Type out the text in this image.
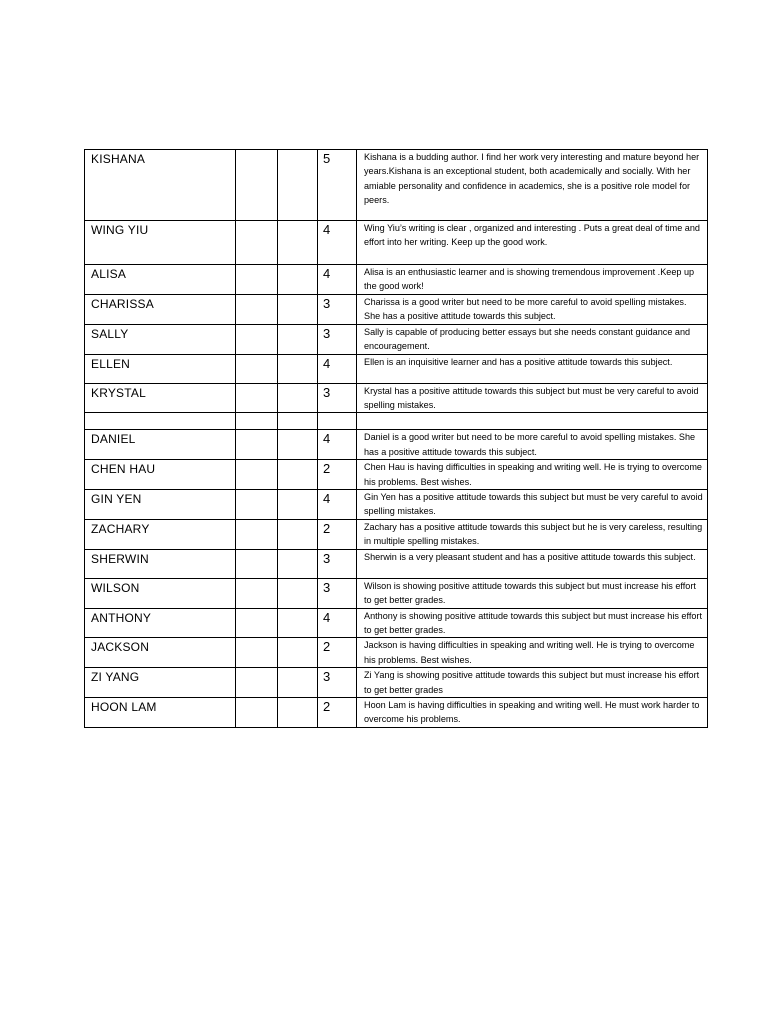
KISHANA			5	Kishana is a budding author. I find her work very interesting and mature beyond her years.Kishana is an exceptional student, both academically and socially. With her amiable personality and confidence in academics, she is a positive role model for peers.
WING YIU			4	Wing Yiu’s writing is clear , organized and interesting . Puts a great deal of time and effort into her writing. Keep up the good work.
ALISA			4	Alisa is an enthusiastic learner and is showing tremendous improvement .Keep up the good work!
CHARISSA			3	Charissa is a good writer but need to be more careful to avoid spelling mistakes. She has a positive attitude towards this subject.
SALLY			3	Sally is capable of producing better essays but she needs constant guidance and encouragement.
ELLEN			4	Ellen is an inquisitive learner and has a positive attitude towards this subject.
KRYSTAL			3	Krystal has a positive attitude towards this subject but must be very careful to avoid spelling mistakes.

DANIEL			4	Daniel is a good writer but need to be more careful to avoid spelling mistakes. She has a positive attitude towards this subject.
CHEN HAU			2	Chen Hau is having difficulties in speaking and writing well. He is trying to overcome his problems. Best wishes.
GIN YEN			4	Gin Yen has a positive attitude towards this subject but must be very careful to avoid spelling mistakes.
ZACHARY			2	Zachary has a positive attitude towards this subject but he is very careless, resulting in multiple spelling mistakes.
SHERWIN			3	Sherwin is a very pleasant student and has a positive attitude towards this subject.
WILSON			3	Wilson is showing positive attitude towards this subject but must increase his effort to get better grades.
ANTHONY			4	Anthony is showing positive attitude towards this subject but must increase his effort to get better grades.
JACKSON			2	Jackson is having difficulties in speaking and writing well. He is trying to overcome his problems. Best wishes.
ZI YANG			3	Zi Yang is showing positive attitude towards this subject but must increase his effort to get better grades
HOON LAM			2	Hoon Lam is having difficulties in speaking and writing well. He must work harder to overcome his problems.
